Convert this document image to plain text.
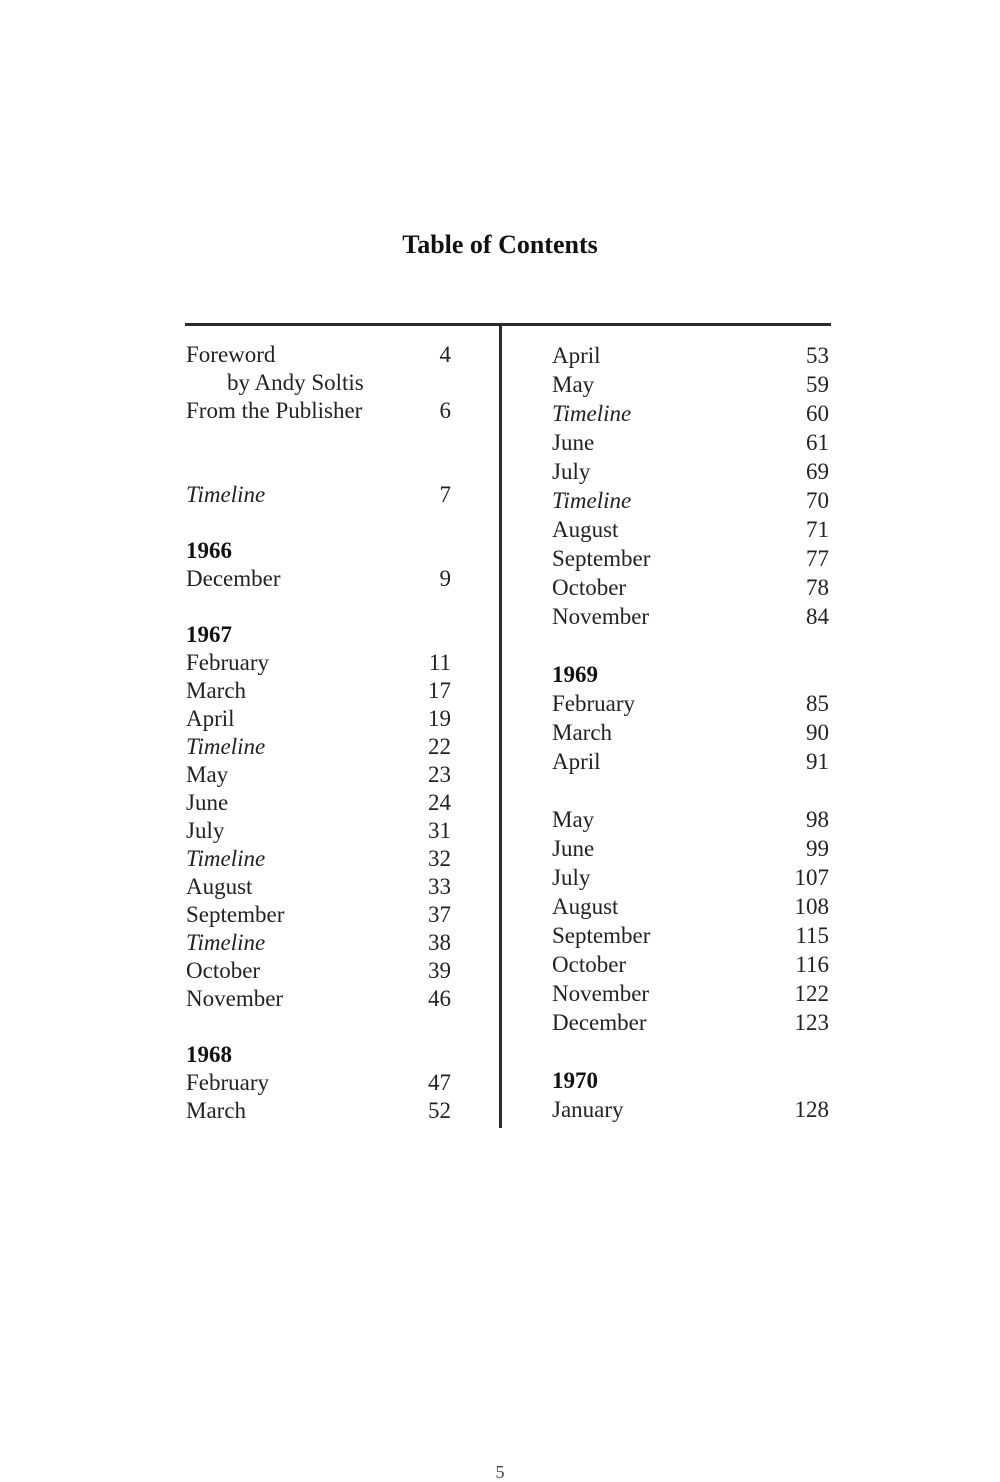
Table of Contents
Foreword	4
by Andy Soltis
From the Publisher	6
Timeline	7
1966
December	9
1967
February	11
March	17
April	19
Timeline	22
May	23
June	24
July	31
Timeline	32
August	33
September	37
Timeline	38
October	39
November	46
1968
February	47
March	52
April	53
May	59
Timeline	60
June	61
July	69
Timeline	70
August	71
September	77
October	78
November	84
1969
February	85
March	90
April	91
May	98
June	99
July	107
August	108
September	115
October	116
November	122
December	123
1970
January	128
5
